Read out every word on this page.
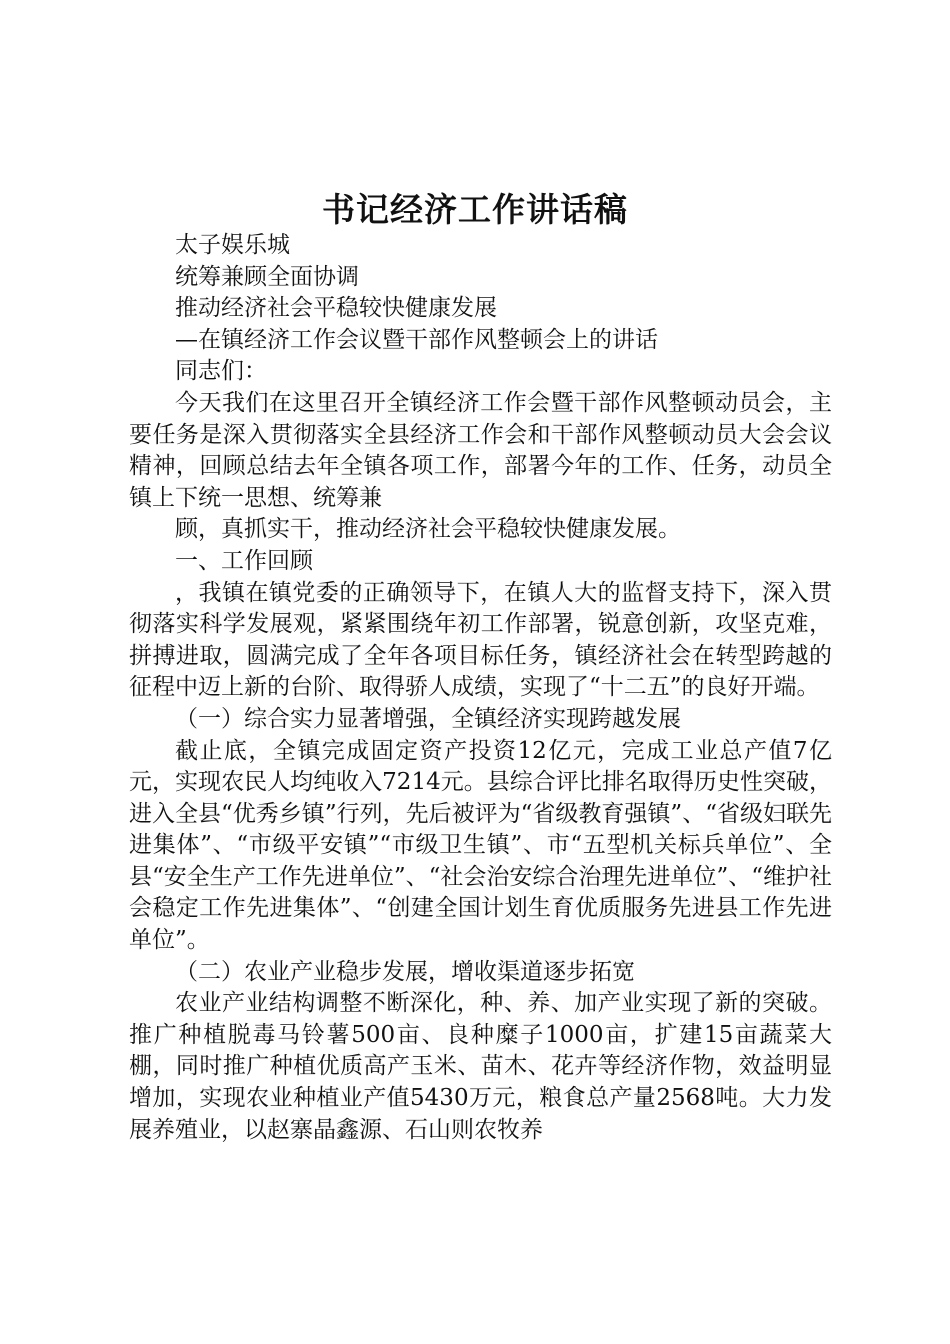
书记经济工作讲话稿

太子娱乐城

统筹兼顾全面协调

推动经济社会平稳较快健康发展

—在镇经济工作会议暨干部作风整顿会上的讲话

同志们：

今天我们在这里召开全镇经济工作会暨干部作风整顿动员会，主要任务是深入贯彻落实全县经济工作会和干部作风整顿动员大会会议精神，回顾总结去年全镇各项工作，部署今年的工作、任务，动员全镇上下统一思想、统筹兼

顾，真抓实干，推动经济社会平稳较快健康发展。

一、工作回顾

，我镇在镇党委的正确领导下，在镇人大的监督支持下，深入贯彻落实科学发展观，紧紧围绕年初工作部署，锐意创新，攻坚克难，拼搏进取，圆满完成了全年各项目标任务，镇经济社会在转型跨越的征程中迈上新的台阶、取得骄人成绩，实现了“十二五”的良好开端。

（一）综合实力显著增强，全镇经济实现跨越发展

截止底，全镇完成固定资产投资12亿元，完成工业总产值7亿元，实现农民人均纯收入7214元。县综合评比排名取得历史性突破，进入全县“优秀乡镇”行列，先后被评为“省级教育强镇”、“省级妇联先进集体”、“市级平安镇”“市级卫生镇”、市“五型机关标兵单位”、全县“安全生产工作先进单位”、“社会治安综合治理先进单位”、“维护社会稳定工作先进集体”、“创建全国计划生育优质服务先进县工作先进单位”。

（二）农业产业稳步发展，增收渠道逐步拓宽

农业产业结构调整不断深化，种、养、加产业实现了新的突破。推广种植脱毒马铃薯500亩、良种糜子1000亩，扩建15亩蔬菜大棚，同时推广种植优质高产玉米、苗木、花卉等经济作物，效益明显增加，实现农业种植业产值5430万元，粮食总产量2568吨。大力发展养殖业，以赵寨晶鑫源、石山则农牧养
